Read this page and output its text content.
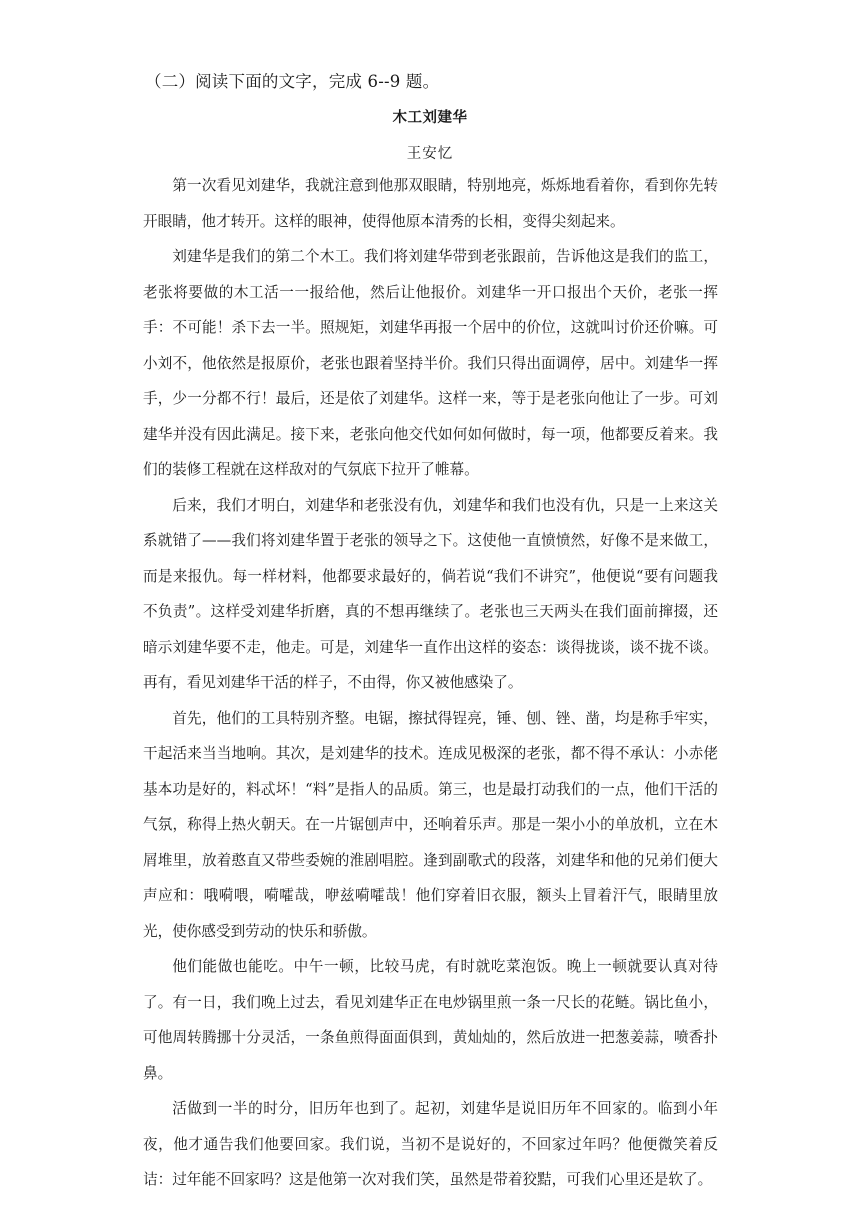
（二）阅读下面的文字，完成 6--9 题。
木工刘建华
王安忆

第一次看见刘建华，我就注意到他那双眼睛，特别地亮，烁烁地看着你，看到你先转开眼睛，他才转开。这样的眼神，使得他原本清秀的长相，变得尖刻起来。

刘建华是我们的第二个木工。我们将刘建华带到老张跟前，告诉他这是我们的监工，老张将要做的木工活一一报给他，然后让他报价。刘建华一开口报出个天价，老张一挥手：不可能！杀下去一半。照规矩，刘建华再报一个居中的价位，这就叫讨价还价嘛。可小刘不，他依然是报原价，老张也跟着坚持半价。我们只得出面调停，居中。刘建华一挥手，少一分都不行！最后，还是依了刘建华。这样一来，等于是老张向他让了一步。可刘建华并没有因此满足。接下来，老张向他交代如何如何做时，每一项，他都要反着来。我们的装修工程就在这样敌对的气氛底下拉开了帷幕。

后来，我们才明白，刘建华和老张没有仇，刘建华和我们也没有仇，只是一上来这关系就错了——我们将刘建华置于老张的领导之下。这使他一直愤愤然，好像不是来做工，而是来报仇。每一样材料，他都要求最好的，倘若说“我们不讲究”，他便说“要有问题我不负责”。这样受刘建华折磨，真的不想再继续了。老张也三天两头在我们面前撺掇，还暗示刘建华要不走，他走。可是，刘建华一直作出这样的姿态：谈得拢谈，谈不拢不谈。再有，看见刘建华干活的样子，不由得，你又被他感染了。

首先，他们的工具特别齐整。电锯，擦拭得锃亮，锤、刨、锉、凿，均是称手牢实，干起活来当当地响。其次，是刘建华的技术。连成见极深的老张，都不得不承认：小赤佬基本功是好的，料忒坏！“料”是指人的品质。第三，也是最打动我们的一点，他们干活的气氛，称得上热火朝天。在一片锯刨声中，还响着乐声。那是一架小小的单放机，立在木屑堆里，放着憨直又带些委婉的淮剧唱腔。逢到副歌式的段落，刘建华和他的兄弟们便大声应和：哦嗬喂，嗬嚯哉，咿兹嗬嚯哉！他们穿着旧衣服，额头上冒着汗气，眼睛里放光，使你感受到劳动的快乐和骄傲。

他们能做也能吃。中午一顿，比较马虎，有时就吃菜泡饭。晚上一顿就要认真对待了。有一日，我们晚上过去，看见刘建华正在电炒锅里煎一条一尺长的花鲢。锅比鱼小，可他周转腾挪十分灵活，一条鱼煎得面面俱到，黄灿灿的，然后放进一把葱姜蒜，喷香扑鼻。

活做到一半的时分，旧历年也到了。起初，刘建华是说旧历年不回家的。临到小年夜，他才通告我们他要回家。我们说，当初不是说好的，不回家过年吗？他便微笑着反诘：过年能不回家吗？这是他第一次对我们笑，虽然是带着狡黠，可我们心里还是软了。
